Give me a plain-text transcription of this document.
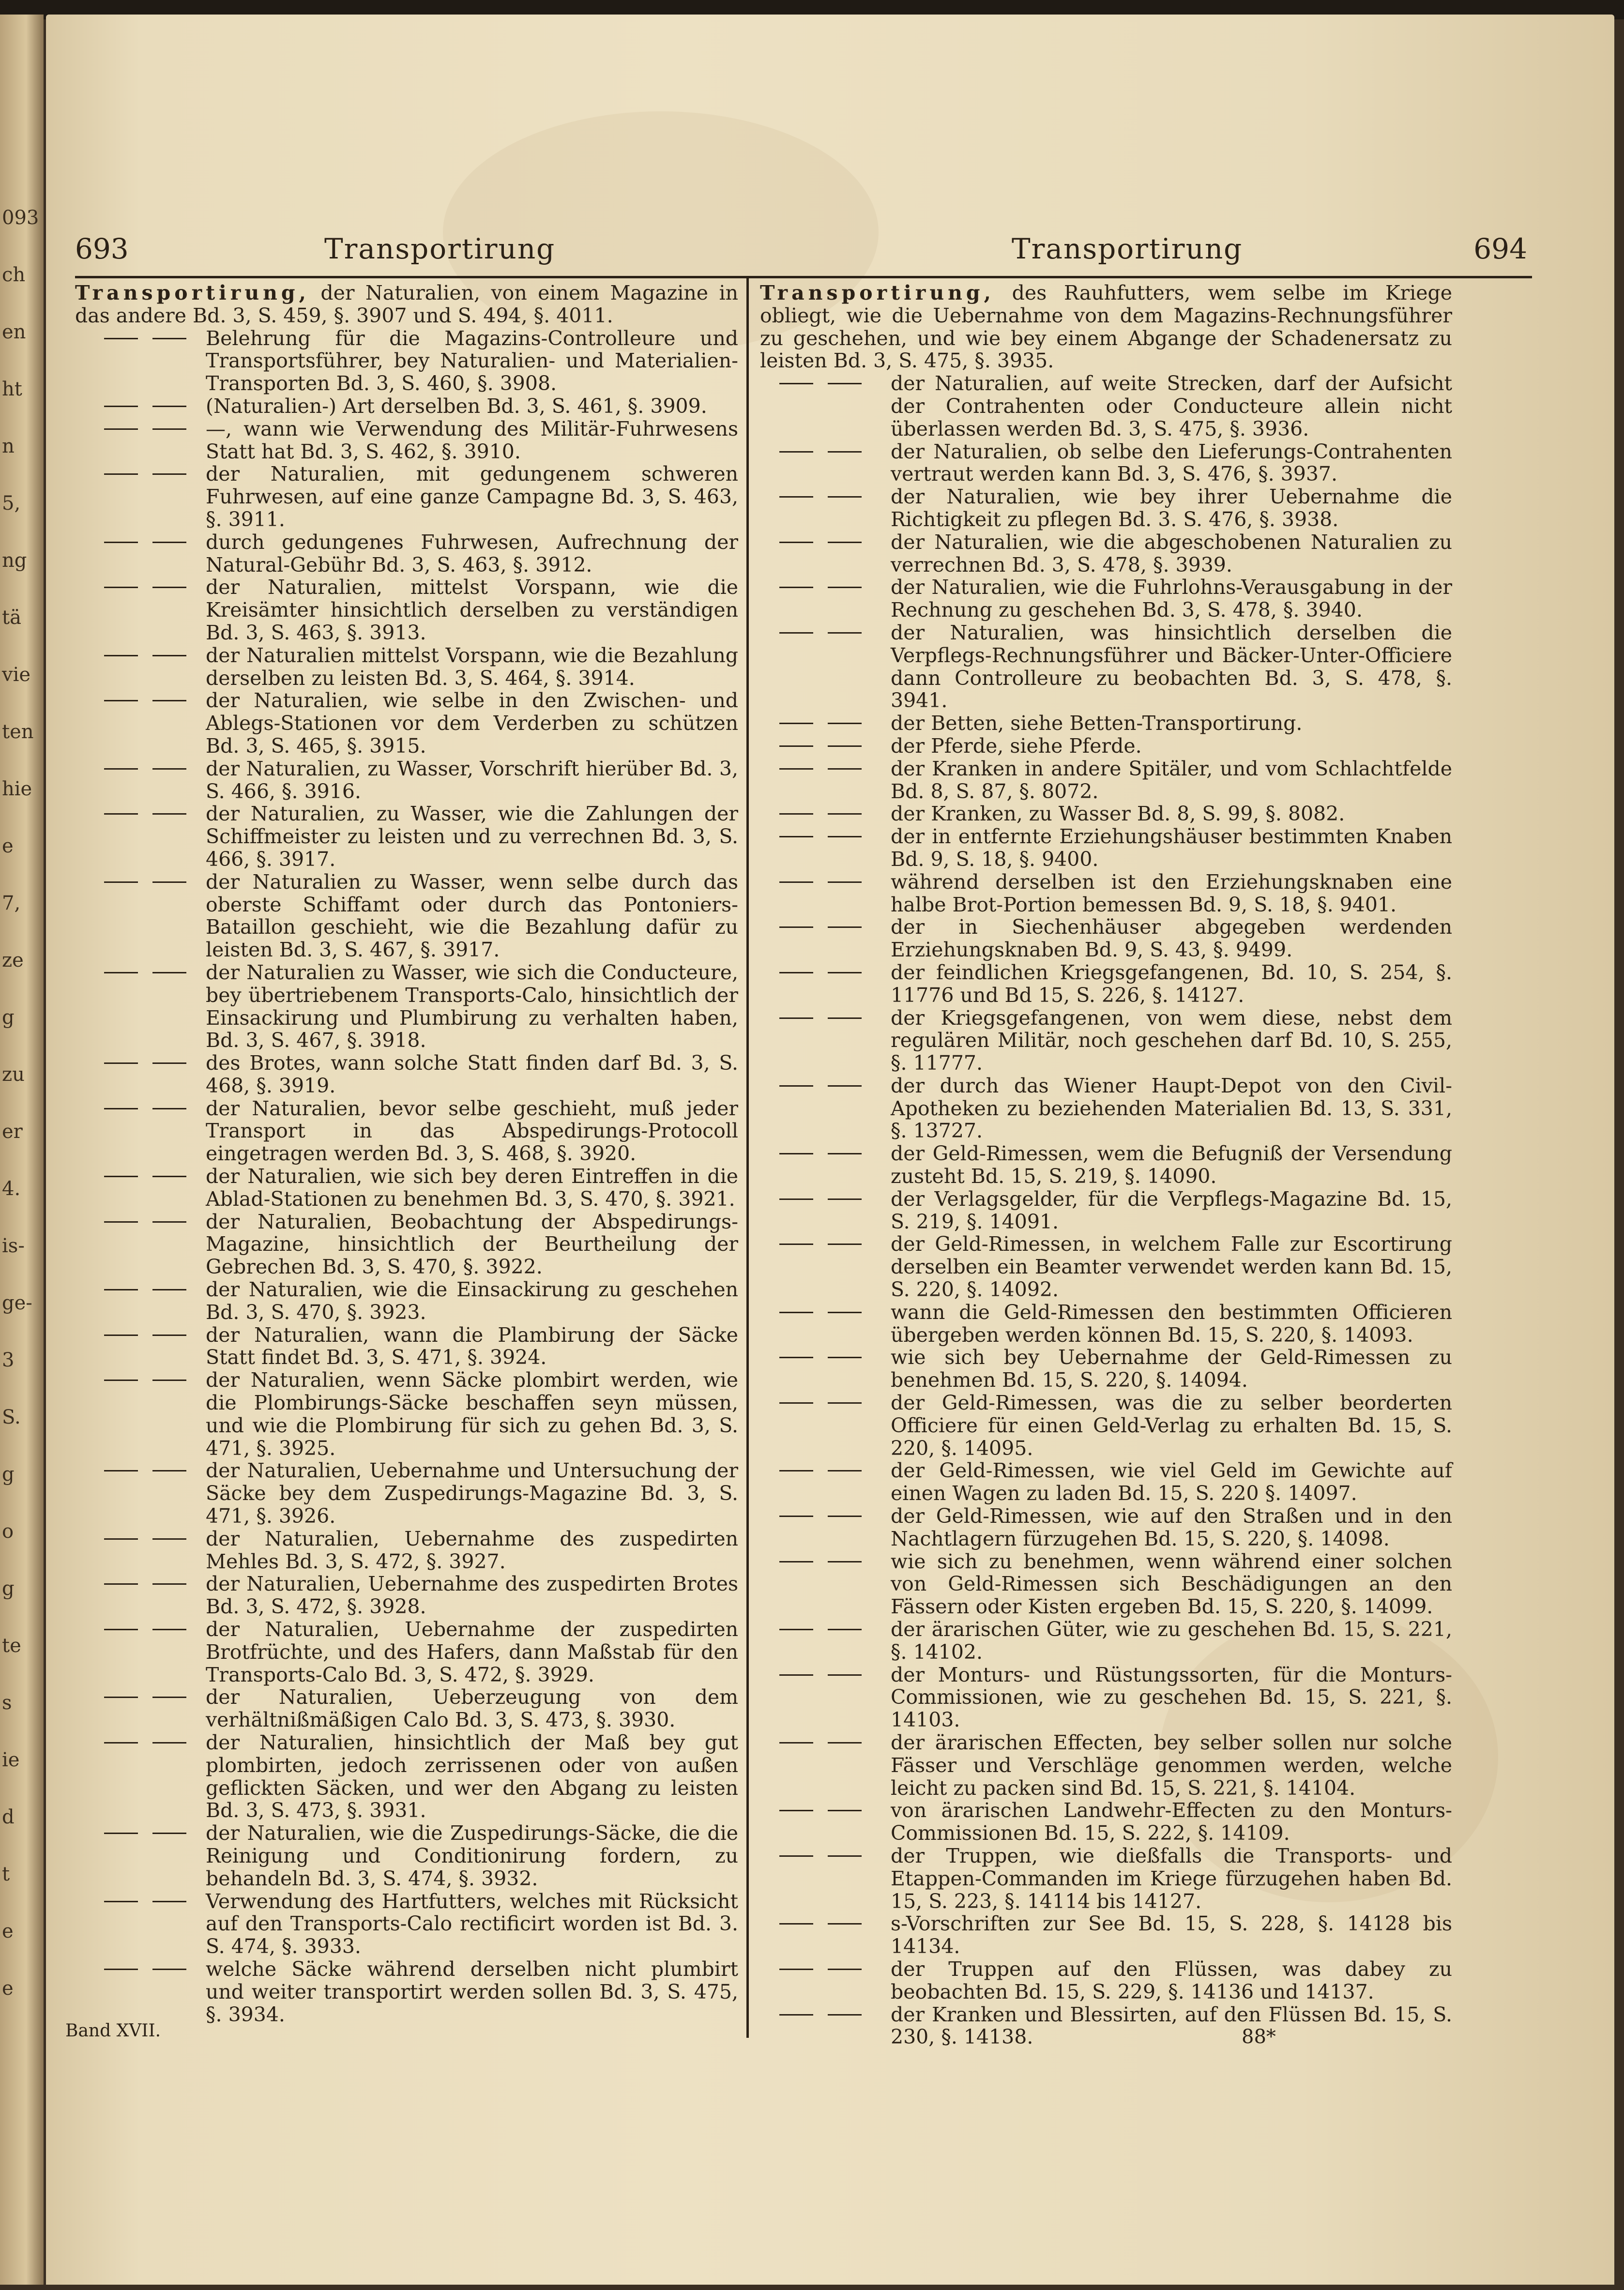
093
ch
en
ht
n
5,
ng
tä
vie
ten
hie
e
7,
ze
g
zu
er
4.
is-
ge-
3
S.
g
o
g
te
s
ie
d
t
e
e
693	Transportirung	Transportirung	694
Transportirung, der Naturalien, von einem Magazine in das andere Bd. 3, S. 459, §. 3907 und S. 494, §. 4011.
Belehrung für die Magazins-Controlleure und Transportsführer, bey Naturalien- und Materialien-Transporten Bd. 3, S. 460, §. 3908.
(Naturalien-) Art derselben Bd. 3, S. 461, §. 3909.
—, wann wie Verwendung des Militär-Fuhrwesens Statt hat Bd. 3, S. 462, §. 3910.
der Naturalien, mit gedungenem schweren Fuhrwesen, auf eine ganze Campagne Bd. 3, S. 463, §. 3911.
durch gedungenes Fuhrwesen, Aufrechnung der Natural-Gebühr Bd. 3, S. 463, §. 3912.
der Naturalien, mittelst Vorspann, wie die Kreisämter hinsichtlich derselben zu verständigen Bd. 3, S. 463, §. 3913.
der Naturalien mittelst Vorspann, wie die Bezahlung derselben zu leisten Bd. 3, S. 464, §. 3914.
der Naturalien, wie selbe in den Zwischen- und Ablegs-Stationen vor dem Verderben zu schützen Bd. 3, S. 465, §. 3915.
der Naturalien, zu Wasser, Vorschrift hierüber Bd. 3, S. 466, §. 3916.
der Naturalien, zu Wasser, wie die Zahlungen der Schiffmeister zu leisten und zu verrechnen Bd. 3, S. 466, §. 3917.
der Naturalien zu Wasser, wenn selbe durch das oberste Schiffamt oder durch das Pontoniers-Bataillon geschieht, wie die Bezahlung dafür zu leisten Bd. 3, S. 467, §. 3917.
der Naturalien zu Wasser, wie sich die Conducteure, bey übertriebenem Transports-Calo, hinsichtlich der Einsackirung und Plumbirung zu verhalten haben, Bd. 3, S. 467, §. 3918.
des Brotes, wann solche Statt finden darf Bd. 3, S. 468, §. 3919.
der Naturalien, bevor selbe geschieht, muß jeder Transport in das Abspedirungs-Protocoll eingetragen werden Bd. 3, S. 468, §. 3920.
der Naturalien, wie sich bey deren Eintreffen in die Ablad-Stationen zu benehmen Bd. 3, S. 470, §. 3921.
der Naturalien, Beobachtung der Abspedirungs-Magazine, hinsichtlich der Beurtheilung der Gebrechen Bd. 3, S. 470, §. 3922.
der Naturalien, wie die Einsackirung zu geschehen Bd. 3, S. 470, §. 3923.
der Naturalien, wann die Plambirung der Säcke Statt findet Bd. 3, S. 471, §. 3924.
der Naturalien, wenn Säcke plombirt werden, wie die Plombirungs-Säcke beschaffen seyn müssen, und wie die Plombirung für sich zu gehen Bd. 3, S. 471, §. 3925.
der Naturalien, Uebernahme und Untersuchung der Säcke bey dem Zuspedirungs-Magazine Bd. 3, S. 471, §. 3926.
der Naturalien, Uebernahme des zuspedirten Mehles Bd. 3, S. 472, §. 3927.
der Naturalien, Uebernahme des zuspedirten Brotes Bd. 3, S. 472, §. 3928.
der Naturalien, Uebernahme der zuspedirten Brotfrüchte, und des Hafers, dann Maßstab für den Transports-Calo Bd. 3, S. 472, §. 3929.
der Naturalien, Ueberzeugung von dem verhältnißmäßigen Calo Bd. 3, S. 473, §. 3930.
der Naturalien, hinsichtlich der Maß bey gut plombirten, jedoch zerrissenen oder von außen geflickten Säcken, und wer den Abgang zu leisten Bd. 3, S. 473, §. 3931.
der Naturalien, wie die Zuspedirungs-Säcke, die die Reinigung und Conditionirung fordern, zu behandeln Bd. 3, S. 474, §. 3932.
Verwendung des Hartfutters, welches mit Rücksicht auf den Transports-Calo rectificirt worden ist Bd. 3. S. 474, §. 3933.
welche Säcke während derselben nicht plumbirt und weiter transportirt werden sollen Bd. 3, S. 475, §. 3934.
Transportirung, des Rauhfutters, wem selbe im Kriege obliegt, wie die Uebernahme von dem Magazins-Rechnungsführer zu geschehen, und wie bey einem Abgange der Schadenersatz zu leisten Bd. 3, S. 475, §. 3935.
der Naturalien, auf weite Strecken, darf der Aufsicht der Contrahenten oder Conducteure allein nicht überlassen werden Bd. 3, S. 475, §. 3936.
der Naturalien, ob selbe den Lieferungs-Contrahenten vertraut werden kann Bd. 3, S. 476, §. 3937.
der Naturalien, wie bey ihrer Uebernahme die Richtigkeit zu pflegen Bd. 3. S. 476, §. 3938.
der Naturalien, wie die abgeschobenen Naturalien zu verrechnen Bd. 3, S. 478, §. 3939.
der Naturalien, wie die Fuhrlohns-Verausgabung in der Rechnung zu geschehen Bd. 3, S. 478, §. 3940.
der Naturalien, was hinsichtlich derselben die Verpflegs-Rechnungsführer und Bäcker-Unter-Officiere dann Controlleure zu beobachten Bd. 3, S. 478, §. 3941.
der Betten, siehe Betten-Transportirung.
der Pferde, siehe Pferde.
der Kranken in andere Spitäler, und vom Schlachtfelde Bd. 8, S. 87, §. 8072.
der Kranken, zu Wasser Bd. 8, S. 99, §. 8082.
der in entfernte Erziehungshäuser bestimmten Knaben Bd. 9, S. 18, §. 9400.
während derselben ist den Erziehungsknaben eine halbe Brot-Portion bemessen Bd. 9, S. 18, §. 9401.
der in Siechenhäuser abgegeben werdenden Erziehungsknaben Bd. 9, S. 43, §. 9499.
der feindlichen Kriegsgefangenen, Bd. 10, S. 254, §. 11776 und Bd 15, S. 226, §. 14127.
der Kriegsgefangenen, von wem diese, nebst dem regulären Militär, noch geschehen darf Bd. 10, S. 255, §. 11777.
der durch das Wiener Haupt-Depot von den Civil-Apotheken zu beziehenden Materialien Bd. 13, S. 331, §. 13727.
der Geld-Rimessen, wem die Befugniß der Versendung zusteht Bd. 15, S. 219, §. 14090.
der Verlagsgelder, für die Verpflegs-Magazine Bd. 15, S. 219, §. 14091.
der Geld-Rimessen, in welchem Falle zur Escortirung derselben ein Beamter verwendet werden kann Bd. 15, S. 220, §. 14092.
wann die Geld-Rimessen den bestimmten Officieren übergeben werden können Bd. 15, S. 220, §. 14093.
wie sich bey Uebernahme der Geld-Rimessen zu benehmen Bd. 15, S. 220, §. 14094.
der Geld-Rimessen, was die zu selber beorderten Officiere für einen Geld-Verlag zu erhalten Bd. 15, S. 220, §. 14095.
der Geld-Rimessen, wie viel Geld im Gewichte auf einen Wagen zu laden Bd. 15, S. 220 §. 14097.
der Geld-Rimessen, wie auf den Straßen und in den Nachtlagern fürzugehen Bd. 15, S. 220, §. 14098.
wie sich zu benehmen, wenn während einer solchen von Geld-Rimessen sich Beschädigungen an den Fässern oder Kisten ergeben Bd. 15, S. 220, §. 14099.
der ärarischen Güter, wie zu geschehen Bd. 15, S. 221, §. 14102.
der Monturs- und Rüstungssorten, für die Monturs-Commissionen, wie zu geschehen Bd. 15, S. 221, §. 14103.
der ärarischen Effecten, bey selber sollen nur solche Fässer und Verschläge genommen werden, welche leicht zu packen sind Bd. 15, S. 221, §. 14104.
von ärarischen Landwehr-Effecten zu den Monturs-Commissionen Bd. 15, S. 222, §. 14109.
der Truppen, wie dießfalls die Transports- und Etappen-Commanden im Kriege fürzugehen haben Bd. 15, S. 223, §. 14114 bis 14127.
s-Vorschriften zur See Bd. 15, S. 228, §. 14128 bis 14134.
der Truppen auf den Flüssen, was dabey zu beobachten Bd. 15, S. 229, §. 14136 und 14137.
der Kranken und Blessirten, auf den Flüssen Bd. 15, S. 230, §. 14138.
Band XVII.	88*
